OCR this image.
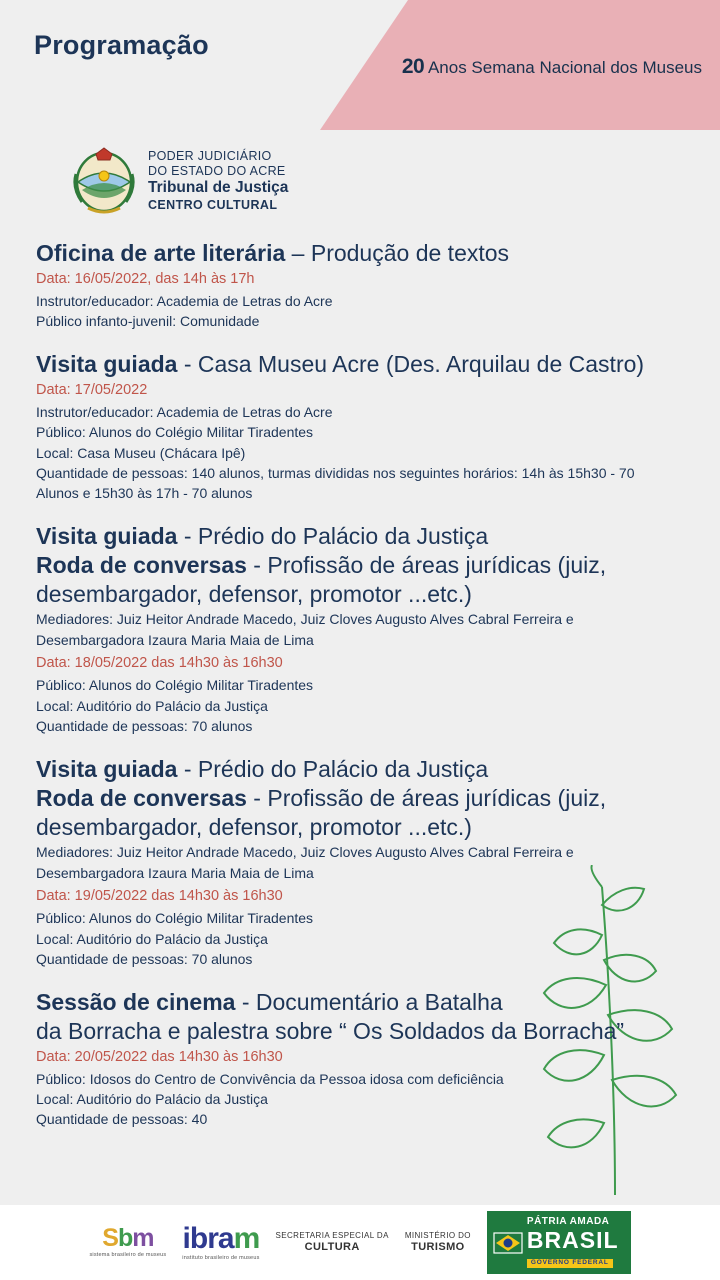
Programação
20 Anos Semana Nacional dos Museus
PODER JUDICIÁRIO
DO ESTADO DO ACRE
Tribunal de Justiça
CENTRO CULTURAL
Oficina de arte literária – Produção de textos
Data: 16/05/2022, das 14h às 17h
Instrutor/educador: Academia de Letras do Acre
Público infanto-juvenil: Comunidade
Visita guiada - Casa Museu Acre (Des. Arquilau de Castro)
Data: 17/05/2022
Instrutor/educador: Academia de Letras do Acre
Público: Alunos do Colégio Militar Tiradentes
Local: Casa Museu (Chácara Ipê)
Quantidade de pessoas: 140 alunos, turmas divididas nos seguintes horários: 14h às 15h30 - 70
Alunos e 15h30 às 17h - 70 alunos
Visita guiada - Prédio do Palácio da Justiça
Roda de conversas - Profissão de áreas jurídicas (juiz,
desembargador, defensor, promotor ...etc.)
Mediadores: Juiz Heitor Andrade Macedo, Juiz Cloves Augusto Alves Cabral Ferreira e
Desembargadora Izaura Maria Maia de Lima
Data: 18/05/2022 das 14h30 às 16h30
Público: Alunos do Colégio Militar Tiradentes
Local: Auditório do Palácio da Justiça
Quantidade de pessoas: 70 alunos
Visita guiada - Prédio do Palácio da Justiça
Roda de conversas - Profissão de áreas jurídicas (juiz,
desembargador, defensor, promotor ...etc.)
Mediadores: Juiz Heitor Andrade Macedo, Juiz Cloves Augusto Alves Cabral Ferreira e
Desembargadora Izaura Maria Maia de Lima
Data: 19/05/2022 das 14h30 às 16h30
Público: Alunos do Colégio Militar Tiradentes
Local: Auditório do Palácio da Justiça
Quantidade de pessoas: 70 alunos
Sessão de cinema - Documentário a Batalha
da Borracha e palestra sobre “ Os Soldados da Borracha”
Data: 20/05/2022 das 14h30 às 16h30
Público: Idosos do Centro de Convivência da Pessoa idosa com deficiência
Local: Auditório do Palácio da Justiça
Quantidade de pessoas: 40
Sbm
sistema brasileiro de museus
ibram
instituto brasileiro de museus
SECRETARIA ESPECIAL DA
CULTURA
MINISTÉRIO DO
TURISMO
PÁTRIA AMADA
BRASIL
GOVERNO FEDERAL
